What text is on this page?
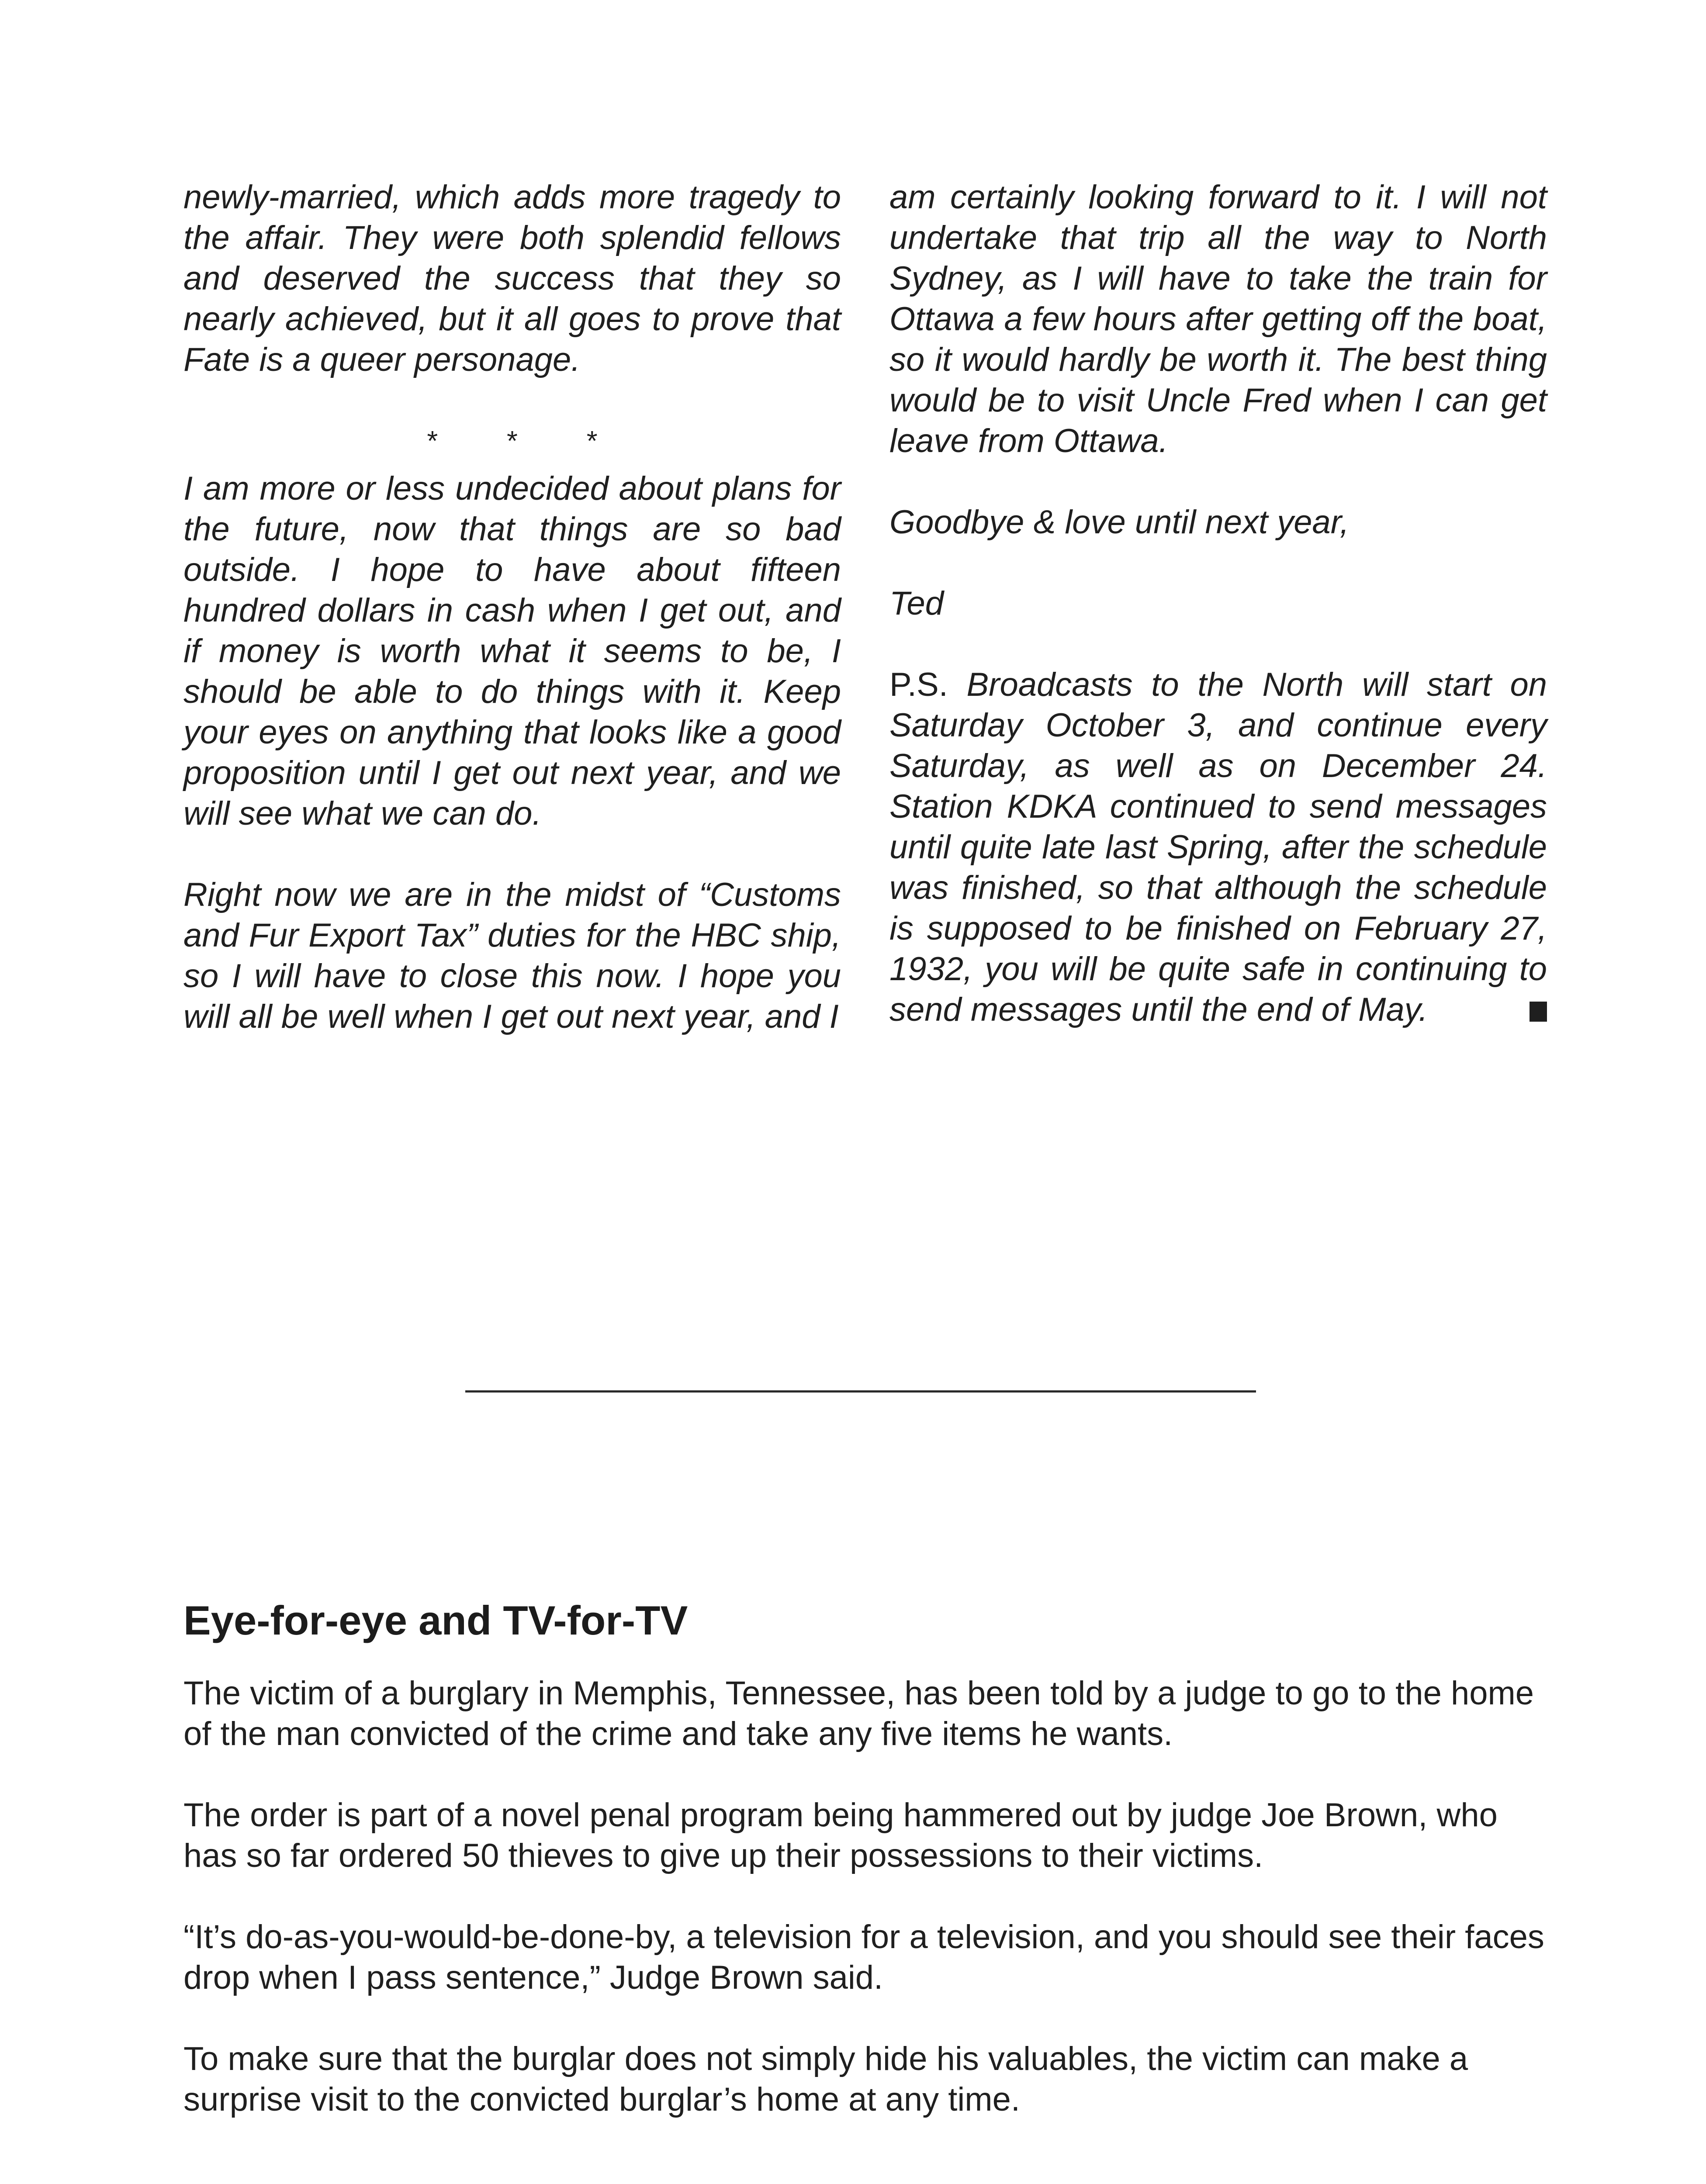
newly-married, which adds more tragedy to the affair. They were both splendid fellows and deserved the success that they so nearly achieved, but it all goes to prove that Fate is a queer personage.

* * *

I am more or less undecided about plans for the future, now that things are so bad outside. I hope to have about fifteen hundred dollars in cash when I get out, and if money is worth what it seems to be, I should be able to do things with it. Keep your eyes on anything that looks like a good proposition until I get out next year, and we will see what we can do.

Right now we are in the midst of “Customs and Fur Export Tax” duties for the HBC ship, so I will have to close this now. I hope you will all be well when I get out next year, and I

am certainly looking forward to it. I will not undertake that trip all the way to North Sydney, as I will have to take the train for Ottawa a few hours after getting off the boat, so it would hardly be worth it. The best thing would be to visit Uncle Fred when I can get leave from Ottawa.

Goodbye & love until next year,

Ted

P.S. Broadcasts to the North will start on Saturday October 3, and continue every Saturday, as well as on December 24. Station KDKA continued to send messages until quite late last Spring, after the schedule was finished, so that although the schedule is supposed to be finished on February 27, 1932, you will be quite safe in continuing to send messages until the end of May.

Eye-for-eye and TV-for-TV

The victim of a burglary in Memphis, Tennessee, has been told by a judge to go to the home of the man convicted of the crime and take any five items he wants.

The order is part of a novel penal program being hammered out by judge Joe Brown, who has so far ordered 50 thieves to give up their possessions to their victims.

“It’s do-as-you-would-be-done-by, a television for a television, and you should see their faces drop when I pass sentence,” Judge Brown said.

To make sure that the burglar does not simply hide his valuables, the victim can make a surprise visit to the convicted burglar’s home at any time.
